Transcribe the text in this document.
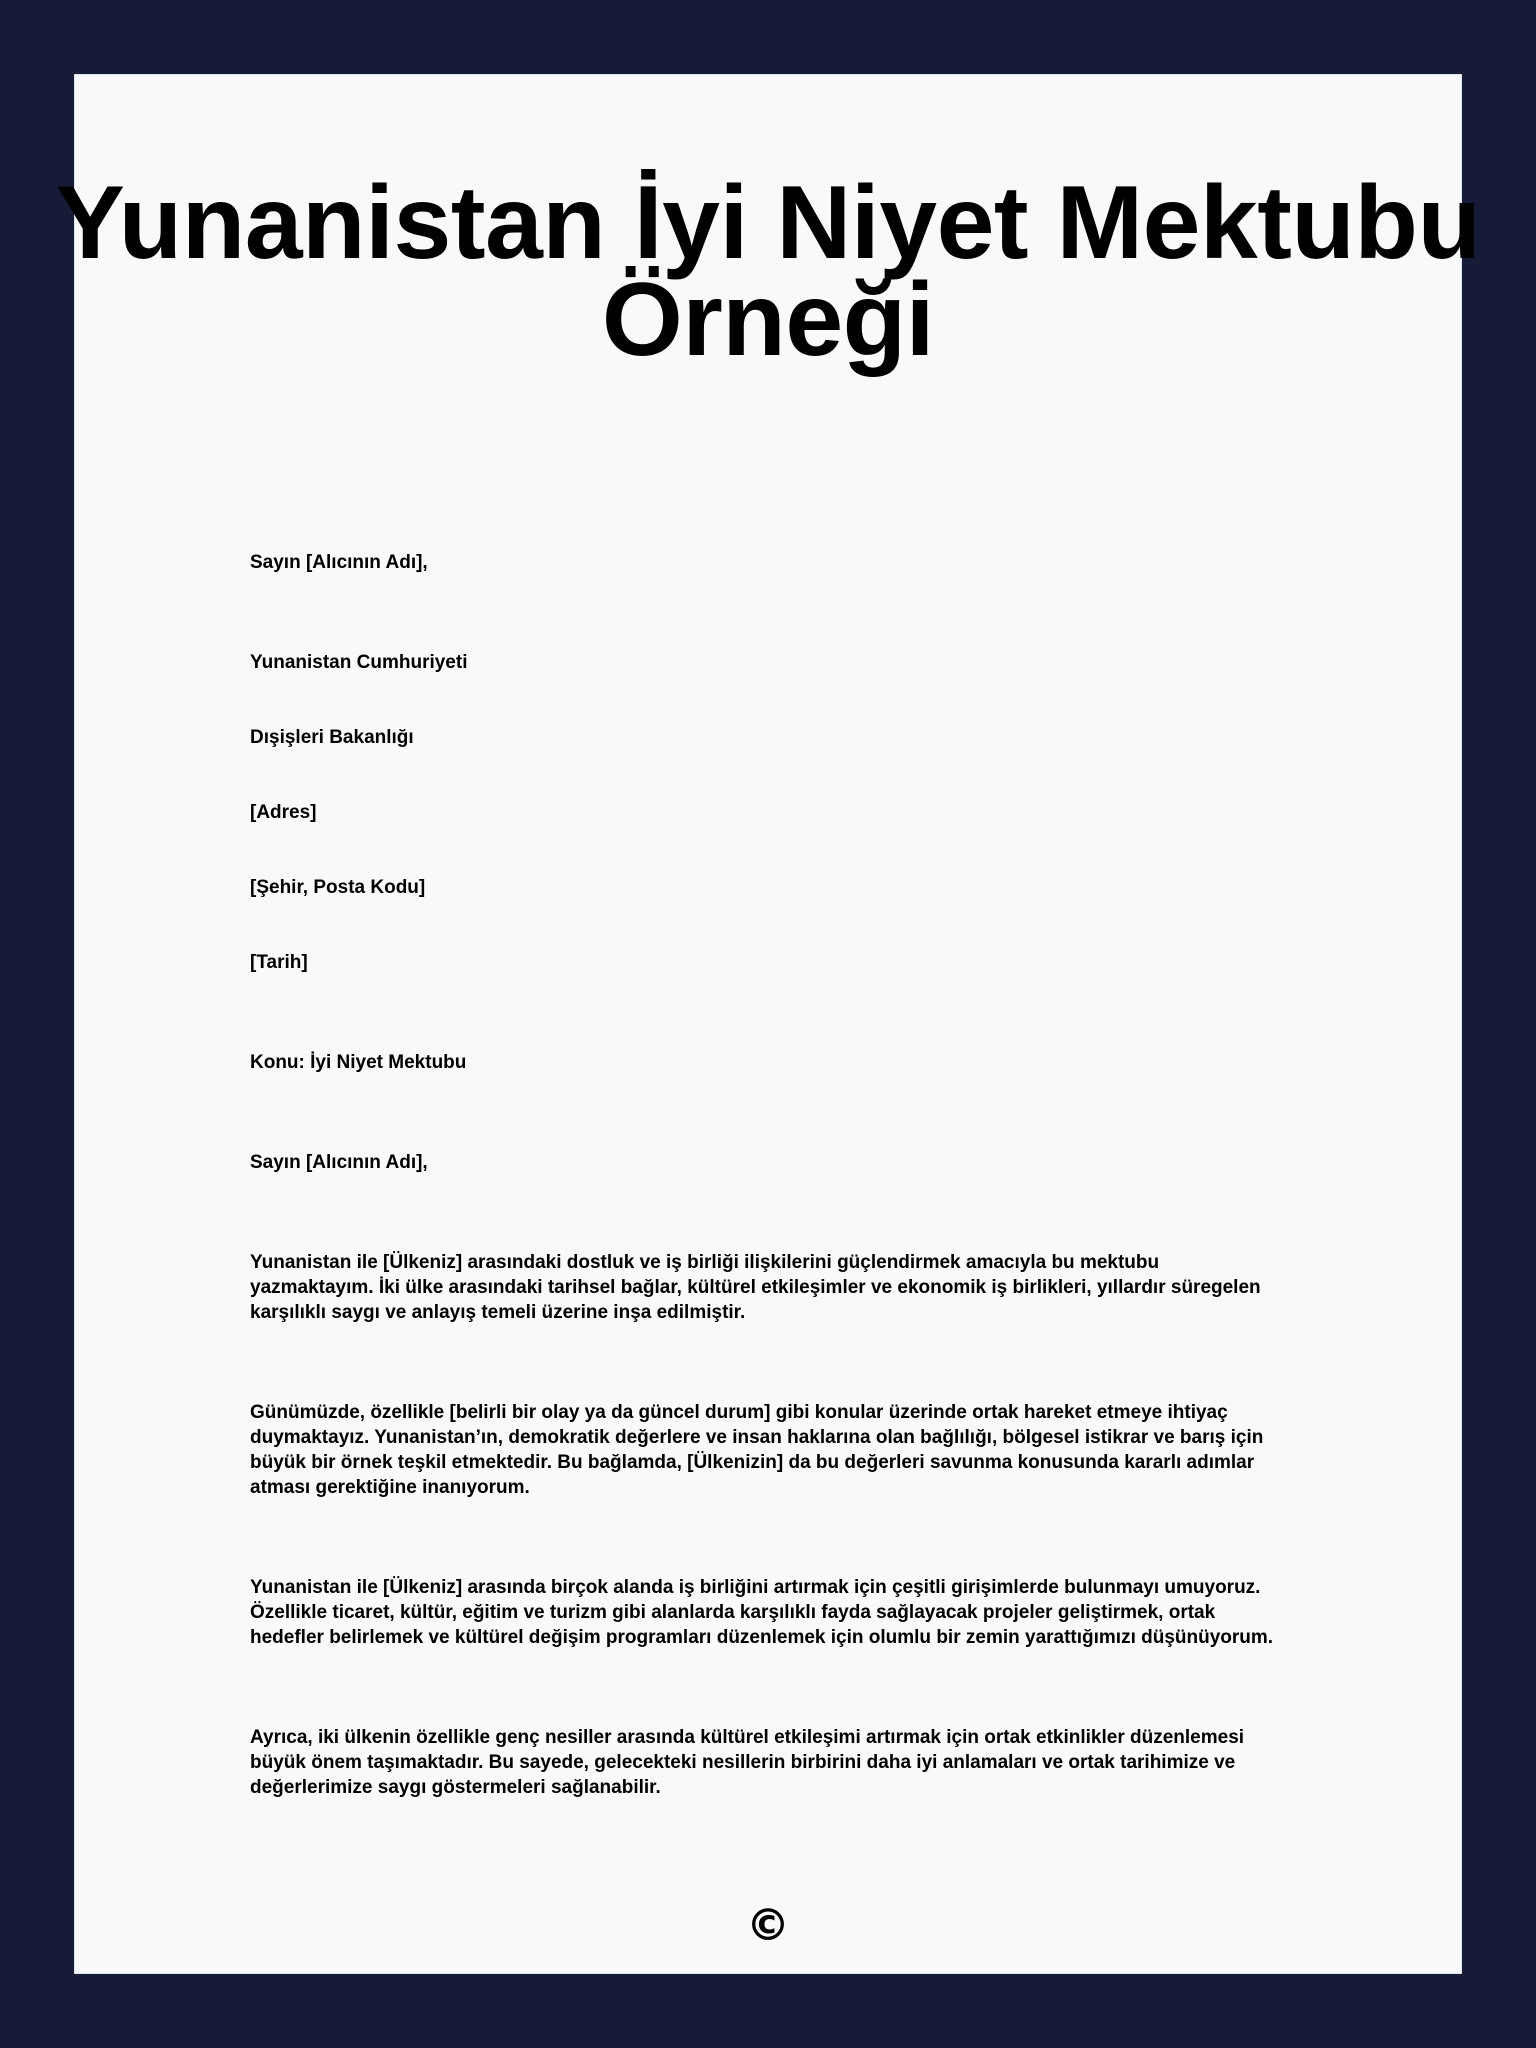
Yunanistan İyi Niyet Mektubu Örneği

Sayın [Alıcının Adı],

Yunanistan Cumhuriyeti

Dışişleri Bakanlığı

[Adres]

[Şehir, Posta Kodu]

[Tarih]

Konu: İyi Niyet Mektubu

Sayın [Alıcının Adı],

Yunanistan ile [Ülkeniz] arasındaki dostluk ve iş birliği ilişkilerini güçlendirmek amacıyla bu mektubu yazmaktayım. İki ülke arasındaki tarihsel bağlar, kültürel etkileşimler ve ekonomik iş birlikleri, yıllardır süregelen karşılıklı saygı ve anlayış temeli üzerine inşa edilmiştir.

Günümüzde, özellikle [belirli bir olay ya da güncel durum] gibi konular üzerinde ortak hareket etmeye ihtiyaç duymaktayız. Yunanistan’ın, demokratik değerlere ve insan haklarına olan bağlılığı, bölgesel istikrar ve barış için büyük bir örnek teşkil etmektedir. Bu bağlamda, [Ülkenizin] da bu değerleri savunma konusunda kararlı adımlar atması gerektiğine inanıyorum.

Yunanistan ile [Ülkeniz] arasında birçok alanda iş birliğini artırmak için çeşitli girişimlerde bulunmayı umuyoruz. Özellikle ticaret, kültür, eğitim ve turizm gibi alanlarda karşılıklı fayda sağlayacak projeler geliştirmek, ortak hedefler belirlemek ve kültürel değişim programları düzenlemek için olumlu bir zemin yarattığımızı düşünüyorum.

Ayrıca, iki ülkenin özellikle genç nesiller arasında kültürel etkileşimi artırmak için ortak etkinlikler düzenlemesi büyük önem taşımaktadır. Bu sayede, gelecekteki nesillerin birbirini daha iyi anlamaları ve ortak tarihimize ve değerlerimize saygı göstermeleri sağlanabilir.

©
